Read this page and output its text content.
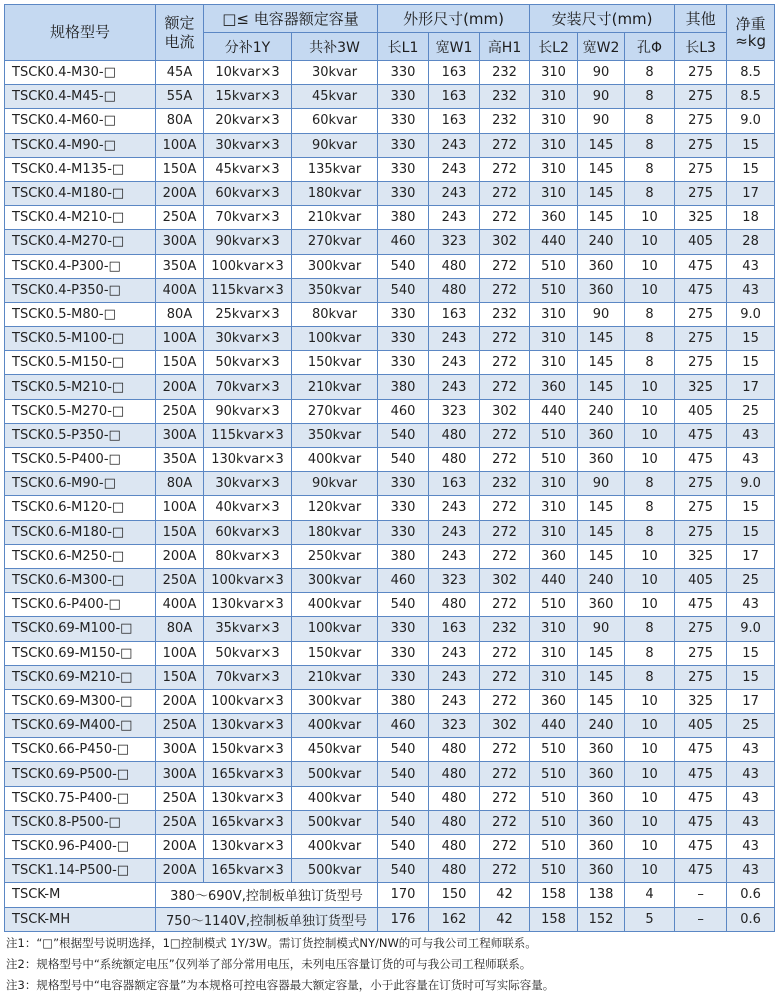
规格型号	额定电流	□≤ 电容器额定容量		外形尺寸(mm)			安装尺寸(mm)			其他	净重≈kg
		分补1Y	共补3W	长L1	宽W1	高H1	长L2	宽W2	孔Φ	长L3	
TSCK0.4-M30-□	45A	10kvar×3	30kvar	330	163	232	310	90	8	275	8.5
TSCK0.4-M45-□	55A	15kvar×3	45kvar	330	163	232	310	90	8	275	8.5
TSCK0.4-M60-□	80A	20kvar×3	60kvar	330	163	232	310	90	8	275	9.0
TSCK0.4-M90-□	100A	30kvar×3	90kvar	330	243	272	310	145	8	275	15
TSCK0.4-M135-□	150A	45kvar×3	135kvar	330	243	272	310	145	8	275	15
TSCK0.4-M180-□	200A	60kvar×3	180kvar	330	243	272	310	145	8	275	17
TSCK0.4-M210-□	250A	70kvar×3	210kvar	380	243	272	360	145	10	325	18
TSCK0.4-M270-□	300A	90kvar×3	270kvar	460	323	302	440	240	10	405	28
TSCK0.4-P300-□	350A	100kvar×3	300kvar	540	480	272	510	360	10	475	43
TSCK0.4-P350-□	400A	115kvar×3	350kvar	540	480	272	510	360	10	475	43
TSCK0.5-M80-□	80A	25kvar×3	80kvar	330	163	232	310	90	8	275	9.0
TSCK0.5-M100-□	100A	30kvar×3	100kvar	330	243	272	310	145	8	275	15
TSCK0.5-M150-□	150A	50kvar×3	150kvar	330	243	272	310	145	8	275	15
TSCK0.5-M210-□	200A	70kvar×3	210kvar	380	243	272	360	145	10	325	17
TSCK0.5-M270-□	250A	90kvar×3	270kvar	460	323	302	440	240	10	405	25
TSCK0.5-P350-□	300A	115kvar×3	350kvar	540	480	272	510	360	10	475	43
TSCK0.5-P400-□	350A	130kvar×3	400kvar	540	480	272	510	360	10	475	43
TSCK0.6-M90-□	80A	30kvar×3	90kvar	330	163	232	310	90	8	275	9.0
TSCK0.6-M120-□	100A	40kvar×3	120kvar	330	243	272	310	145	8	275	15
TSCK0.6-M180-□	150A	60kvar×3	180kvar	330	243	272	310	145	8	275	15
TSCK0.6-M250-□	200A	80kvar×3	250kvar	380	243	272	360	145	10	325	17
TSCK0.6-M300-□	250A	100kvar×3	300kvar	460	323	302	440	240	10	405	25
TSCK0.6-P400-□	400A	130kvar×3	400kvar	540	480	272	510	360	10	475	43
TSCK0.69-M100-□	80A	35kvar×3	100kvar	330	163	232	310	90	8	275	9.0
TSCK0.69-M150-□	100A	50kvar×3	150kvar	330	243	272	310	145	8	275	15
TSCK0.69-M210-□	150A	70kvar×3	210kvar	330	243	272	310	145	8	275	15
TSCK0.69-M300-□	200A	100kvar×3	300kvar	380	243	272	360	145	10	325	17
TSCK0.69-M400-□	250A	130kvar×3	400kvar	460	323	302	440	240	10	405	25
TSCK0.66-P450-□	300A	150kvar×3	450kvar	540	480	272	510	360	10	475	43
TSCK0.69-P500-□	300A	165kvar×3	500kvar	540	480	272	510	360	10	475	43
TSCK0.75-P400-□	250A	130kvar×3	400kvar	540	480	272	510	360	10	475	43
TSCK0.8-P500-□	250A	165kvar×3	500kvar	540	480	272	510	360	10	475	43
TSCK0.96-P400-□	200A	130kvar×3	400kvar	540	480	272	510	360	10	475	43
TSCK1.14-P500-□	200A	165kvar×3	500kvar	540	480	272	510	360	10	475	43
TSCK-M	380～690V,控制板单独订货型号			170	150	42	158	138	4	–	0.6
TSCK-MH	750～1140V,控制板单独订货型号			176	162	42	158	152	5	–	0.6
注1：“□”根据型号说明选择，1□控制模式 1Y/3W。需订货控制模式NY/NW的可与我公司工程师联系。
注2：规格型号中“系统额定电压”仅列举了部分常用电压，未列电压容量订货的可与我公司工程师联系。
注3：规格型号中“电容器额定容量”为本规格可控电容器最大额定容量，小于此容量在订货时可写实际容量。
